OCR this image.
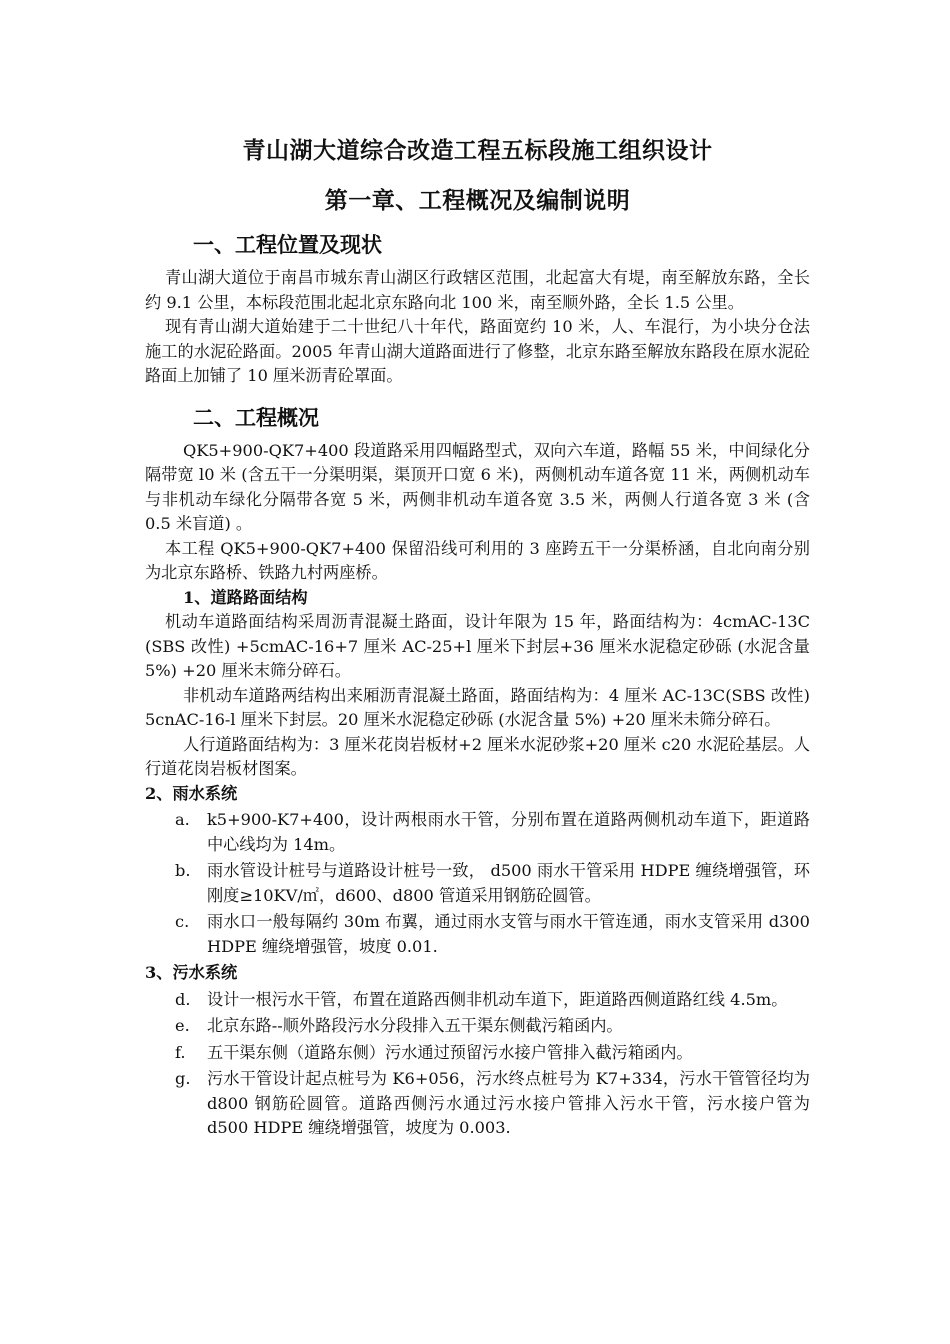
青山湖大道综合改造工程五标段施工组织设计
第一章、工程概况及编制说明
一、工程位置及现状

青山湖大道位于南昌市城东青山湖区行政辖区范围，北起富大有堤，南至解放东路，全长约 9.1 公里，本标段范围北起北京东路向北 100 米，南至顺外路，全长 1.5 公里。

现有青山湖大道始建于二十世纪八十年代，路面宽约 10 米，人、车混行，为小块分仓法施工的水泥砼路面。2005 年青山湖大道路面进行了修整，北京东路至解放东路段在原水泥砼路面上加铺了 10 厘米沥青砼罩面。

二、工程概况

QK5+900-QK7+400 段道路采用四幅路型式，双向六车道，路幅 55 米，中间绿化分隔带宽 l0 米 (含五干一分渠明渠，渠顶开口宽 6 米)，两侧机动车道各宽 11 米，两侧机动车与非机动车绿化分隔带各宽 5 米，两侧非机动车道各宽 3.5 米，两侧人行道各宽 3 米 (含 0.5 米盲道) 。

本工程 QK5+900-QK7+400 保留沿线可利用的 3 座跨五干一分渠桥涵，自北向南分别为北京东路桥、铁路九村两座桥。

1、道路路面结构

机动车道路面结构采周沥青混凝土路面，设计年限为 15 年，路面结构为：4cmAC-13C (SBS 改性) +5cmAC-16+7 厘米 AC-25+l 厘米下封层+36 厘米水泥稳定砂砾 (水泥含量 5%) +20 厘米末筛分碎石。

非机动车道路两结构出来厢沥青混凝土路面，路面结构为：4 厘米 AC-13C(SBS 改性) 5cnAC-16-l 厘米下封层。20 厘米水泥稳定砂砾 (水泥含量 5%) +20 厘米未筛分碎石。

人行道路面结构为：3 厘米花岗岩板材+2 厘米水泥砂浆+20 厘米 c20 水泥砼基层。人行道花岗岩板材图案。

2、雨水系统

a.	k5+900-K7+400，设计两根雨水干管，分别布置在道路两侧机动车道下，距道路中心线均为 14m。
b.	雨水管设计桩号与道路设计桩号一致， d500 雨水干管采用 HDPE 缠绕增强管，环刚度≥10KV/㎡，d600、d800 管道采用钢筋砼圆管。
c.	雨水口一般每隔约 30m 布翼，通过雨水支管与雨水干管连通，雨水支管采用 d300 HDPE 缠绕增强管，坡度 0.01.

3、污水系统

d.	设计一根污水干管，布置在道路西侧非机动车道下，距道路西侧道路红线 4.5m。
e.	北京东路--顺外路段污水分段排入五干渠东侧截污箱函内。
f.	五干渠东侧（道路东侧）污水通过预留污水接户管排入截污箱函内。
g.	污水干管设计起点桩号为 K6+056，污水终点桩号为 K7+334，污水干管管径均为 d800 钢筋砼圆管。道路西侧污水通过污水接户管排入污水干管，污水接户管为 d500 HDPE 缠绕增强管，坡度为 0.003.
